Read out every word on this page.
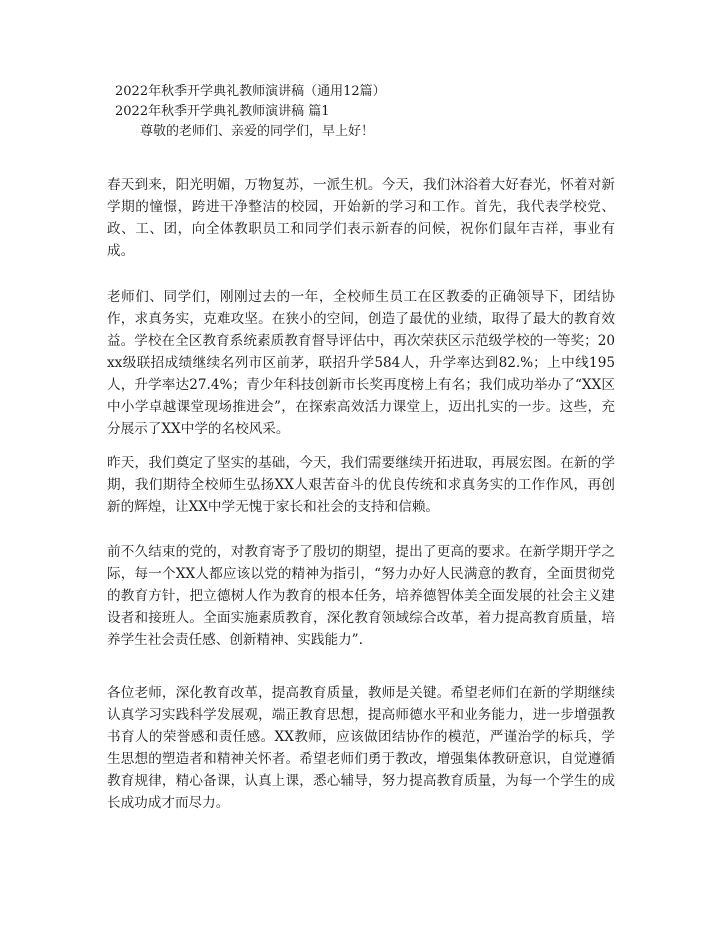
2022年秋季开学典礼教师演讲稿（通用12篇）
2022年秋季开学典礼教师演讲稿 篇1
尊敬的老师们、亲爱的同学们，早上好！

春天到来，阳光明媚，万物复苏，一派生机。今天，我们沐浴着大好春光，怀着对新学期的憧憬，跨进干净整洁的校园，开始新的学习和工作。首先，我代表学校党、政、工、团，向全体教职员工和同学们表示新春的问候，祝你们鼠年吉祥，事业有成。

老师们、同学们，刚刚过去的一年，全校师生员工在区教委的正确领导下，团结协作，求真务实，克难攻坚。在狭小的空间，创造了最优的业绩，取得了最大的教育效益。学校在全区教育系统素质教育督导评估中，再次荣获区示范级学校的一等奖；20xx级联招成绩继续名列市区前茅，联招升学584人，升学率达到82.%；上中线195人，升学率达27.4%；青少年科技创新市长奖再度榜上有名；我们成功举办了“XX区中小学卓越课堂现场推进会”，在探索高效活力课堂上，迈出扎实的一步。这些，充分展示了XX中学的名校风采。

昨天，我们奠定了坚实的基础，今天，我们需要继续开拓进取，再展宏图。在新的学期，我们期待全校师生弘扬XX人艰苦奋斗的优良传统和求真务实的工作作风，再创新的辉煌，让XX中学无愧于家长和社会的支持和信赖。

前不久结束的党的，对教育寄予了殷切的期望，提出了更高的要求。在新学期开学之际，每一个XX人都应该以党的精神为指引，“努力办好人民满意的教育，全面贯彻党的教育方针，把立德树人作为教育的根本任务，培养德智体美全面发展的社会主义建设者和接班人。全面实施素质教育，深化教育领域综合改革，着力提高教育质量，培养学生社会责任感、创新精神、实践能力”.

各位老师，深化教育改革，提高教育质量，教师是关键。希望老师们在新的学期继续认真学习实践科学发展观，端正教育思想，提高师德水平和业务能力，进一步增强教书育人的荣誉感和责任感。XX教师，应该做团结协作的模范，严谨治学的标兵，学生思想的塑造者和精神关怀者。希望老师们勇于教改，增强集体教研意识，自觉遵循教育规律，精心备课，认真上课，悉心辅导，努力提高教育质量，为每一个学生的成长成功成才而尽力。
